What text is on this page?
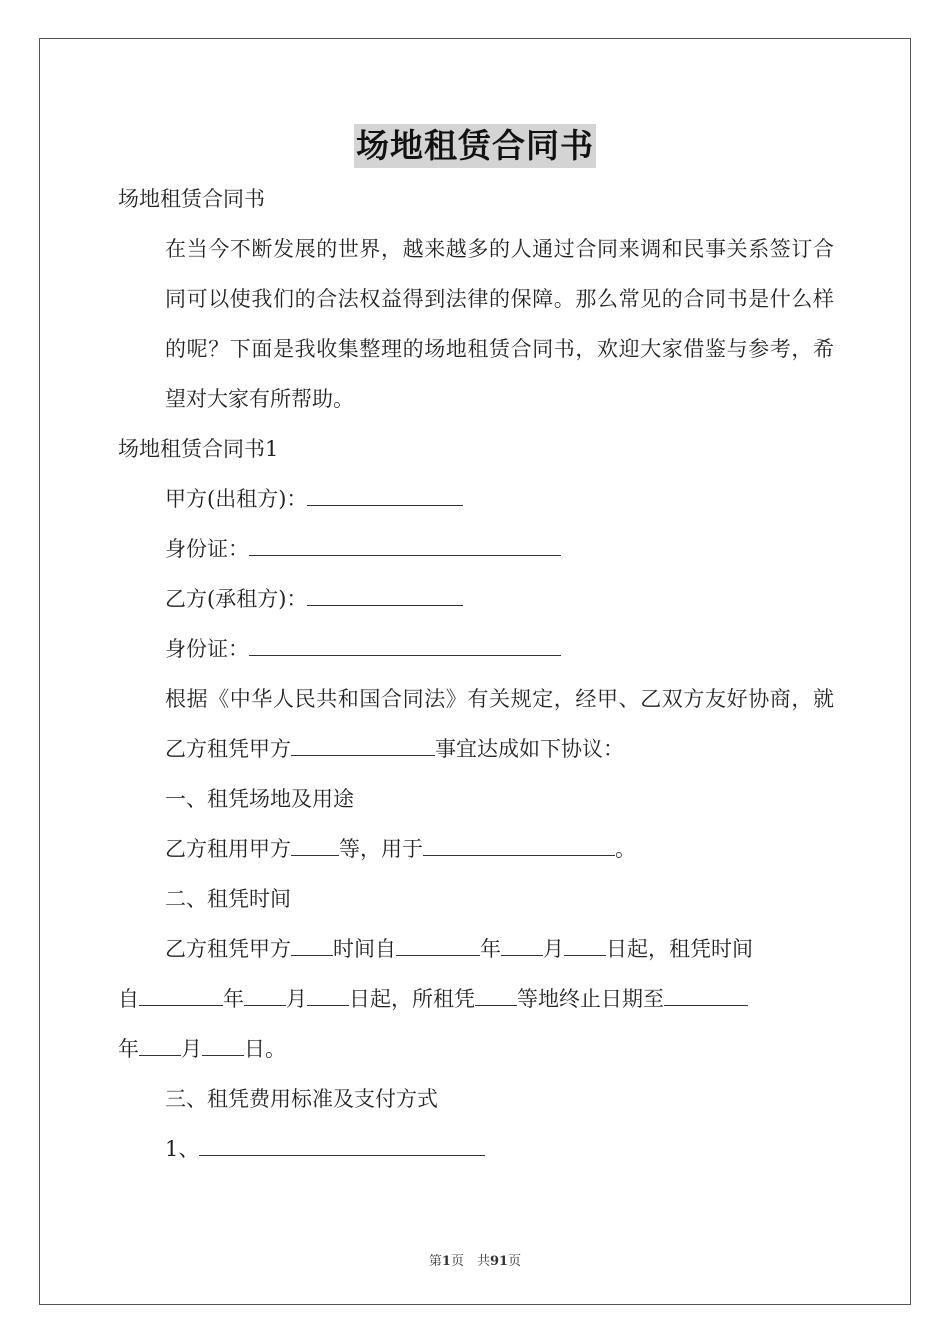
场地租赁合同书
场地租赁合同书
在当今不断发展的世界，越来越多的人通过合同来调和民事关系签订合同可以使我们的合法权益得到法律的保障。那么常见的合同书是什么样的呢？下面是我收集整理的场地租赁合同书，欢迎大家借鉴与参考，希望对大家有所帮助。
场地租赁合同书1
甲方(出租方)：
身份证：
乙方(承租方)：
身份证：
根据《中华人民共和国合同法》有关规定，经甲、乙双方友好协商，就乙方租凭甲方	事宜达成如下协议：
一、租凭场地及用途
乙方租用甲方 等，用于	。
二、租凭时间
乙方租凭甲方 时间自	年 月 日起，租凭时间
自	年 月 日起，所租凭 等地终止日期至
年 月 日。
三、租凭费用标准及支付方式
1、
第1页　共91页
